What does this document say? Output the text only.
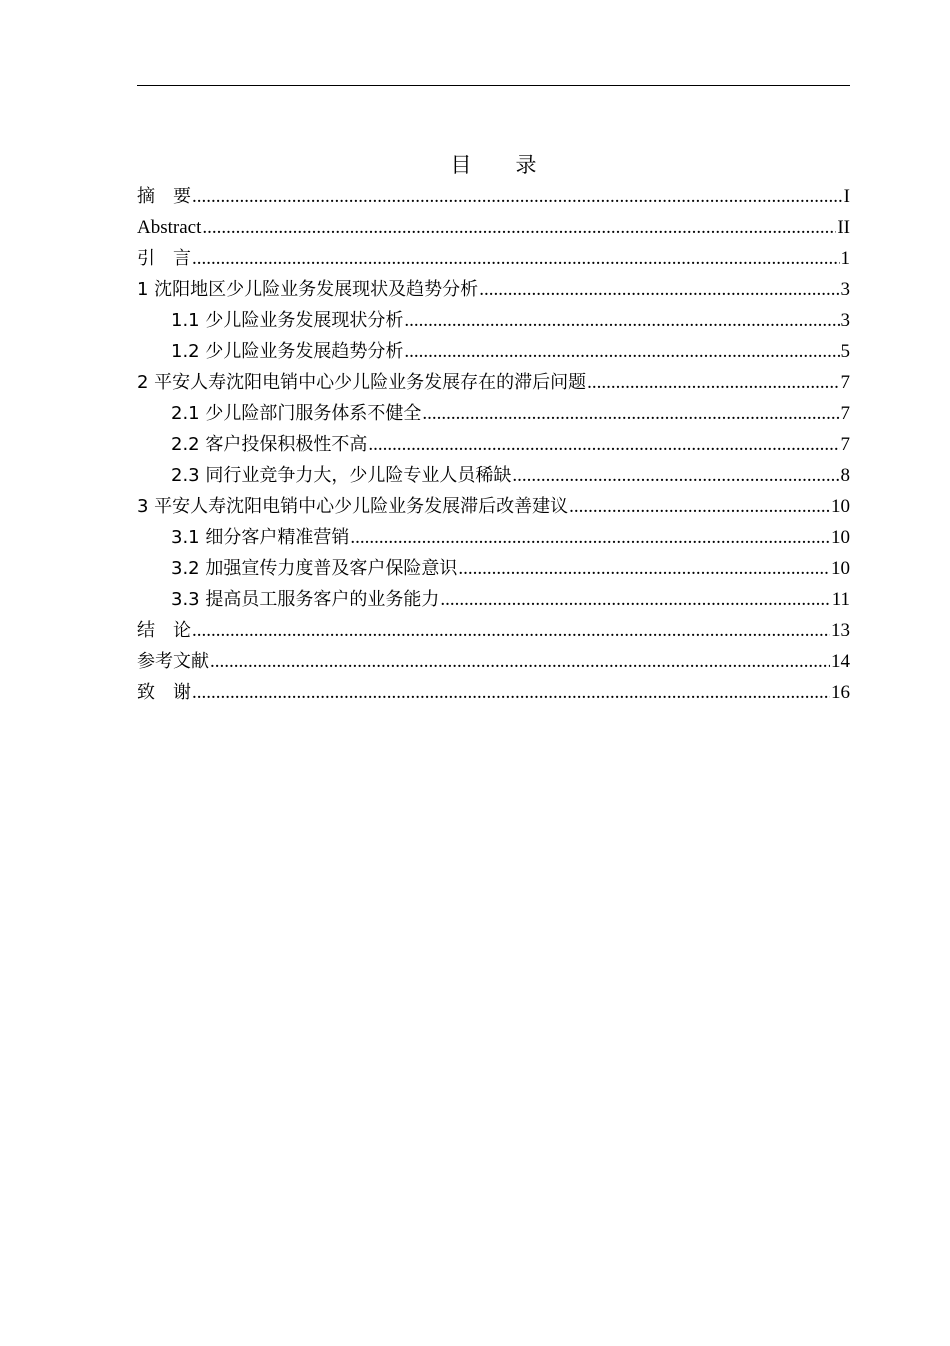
目 录
摘　要 .....	I
Abstract .....	II
引　言 .....	1
1 沈阳地区少儿险业务发展现状及趋势分析 .....	3
1.1 少儿险业务发展现状分析 .....	3
1.2 少儿险业务发展趋势分析 .....	5
2 平安人寿沈阳电销中心少儿险业务发展存在的滞后问题 .....	7
2.1 少儿险部门服务体系不健全 .....	7
2.2 客户投保积极性不高 .....	7
2.3 同行业竞争力大，少儿险专业人员稀缺 .....	8
3 平安人寿沈阳电销中心少儿险业务发展滞后改善建议 .....	10
3.1 细分客户精准营销 .....	10
3.2 加强宣传力度普及客户保险意识 .....	10
3.3 提高员工服务客户的业务能力 .....	11
结　论 .....	13
参考文献 .....	14
致　谢 .....	16
